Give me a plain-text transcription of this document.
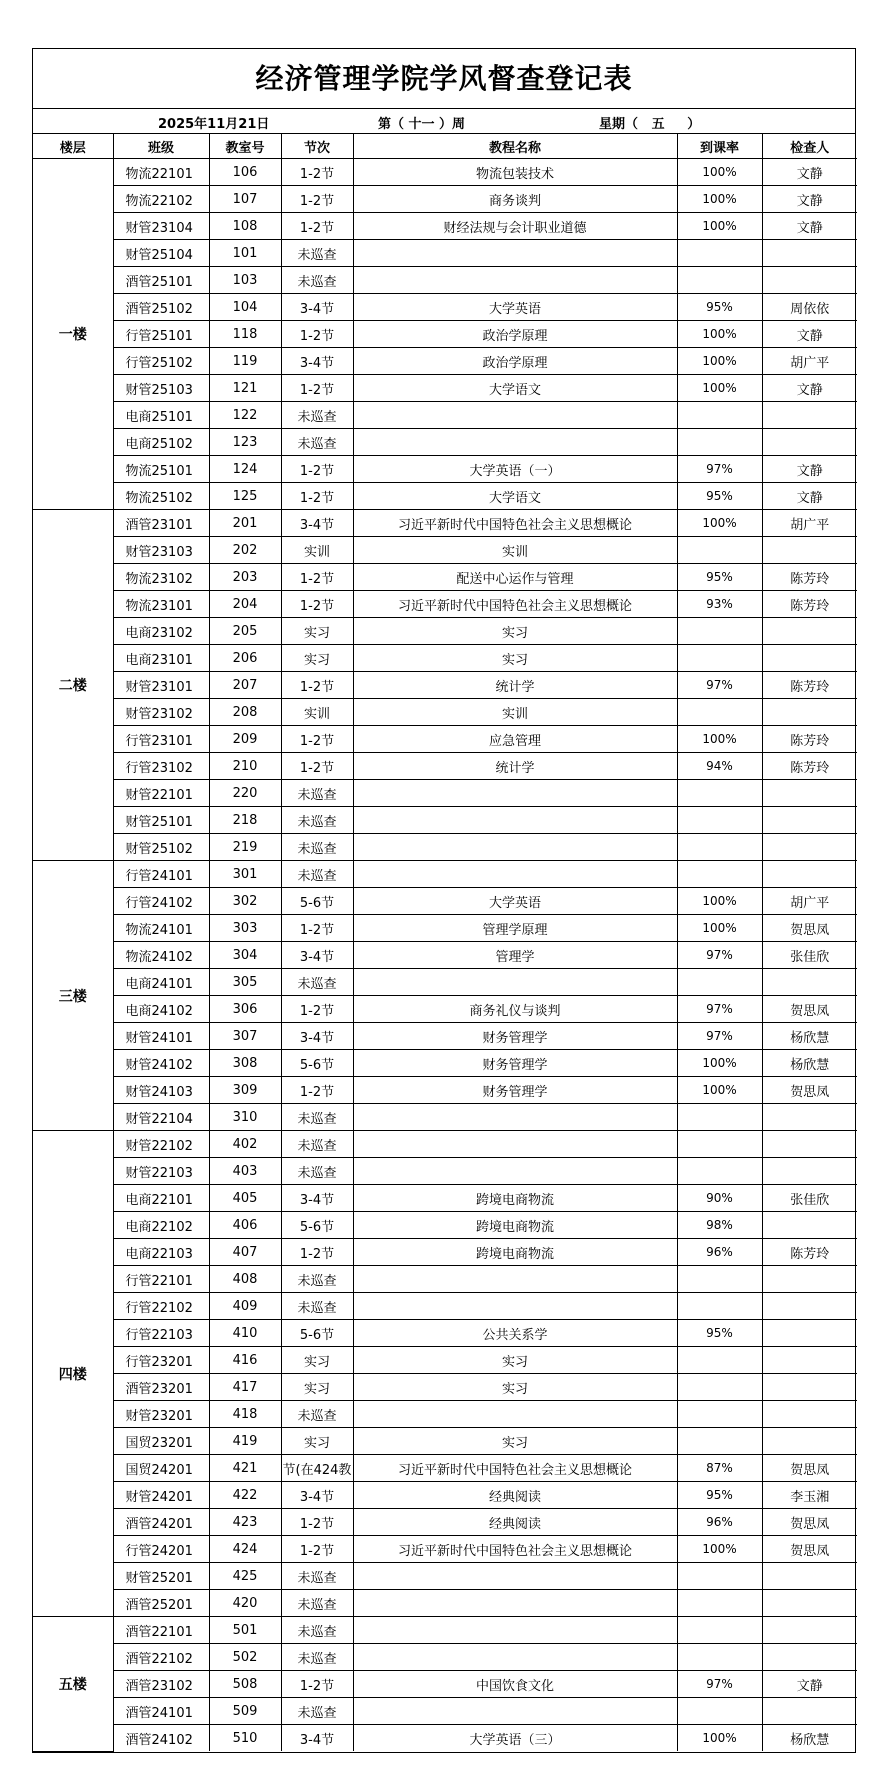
经济管理学院学风督查登记表
2025年11月21日	第（ 十一 ）周	星期（   五     ）
楼层	班级	教室号	节次	教程名称	到课率	检查人
一楼	物流22101	106	1-2节	物流包装技术	100%	文静
	物流22102	107	1-2节	商务谈判	100%	文静
	财管23104	108	1-2节	财经法规与会计职业道德	100%	文静
	财管25104	101	未巡查			
	酒管25101	103	未巡查			
	酒管25102	104	3-4节	大学英语	95%	周依依
	行管25101	118	1-2节	政治学原理	100%	文静
	行管25102	119	3-4节	政治学原理	100%	胡广平
	财管25103	121	1-2节	大学语文	100%	文静
	电商25101	122	未巡查			
	电商25102	123	未巡查			
	物流25101	124	1-2节	大学英语（一）	97%	文静
	物流25102	125	1-2节	大学语文	95%	文静
二楼	酒管23101	201	3-4节	习近平新时代中国特色社会主义思想概论	100%	胡广平
	财管23103	202	实训	实训		
	物流23102	203	1-2节	配送中心运作与管理	95%	陈芳玲
	物流23101	204	1-2节	习近平新时代中国特色社会主义思想概论	93%	陈芳玲
	电商23102	205	实习	实习		
	电商23101	206	实习	实习		
	财管23101	207	1-2节	统计学	97%	陈芳玲
	财管23102	208	实训	实训		
	行管23101	209	1-2节	应急管理	100%	陈芳玲
	行管23102	210	1-2节	统计学	94%	陈芳玲
	财管22101	220	未巡查			
	财管25101	218	未巡查			
	财管25102	219	未巡查			
三楼	行管24101	301	未巡查			
	行管24102	302	5-6节	大学英语	100%	胡广平
	物流24101	303	1-2节	管理学原理	100%	贺思凤
	物流24102	304	3-4节	管理学	97%	张佳欣
	电商24101	305	未巡查			
	电商24102	306	1-2节	商务礼仪与谈判	97%	贺思凤
	财管24101	307	3-4节	财务管理学	97%	杨欣慧
	财管24102	308	5-6节	财务管理学	100%	杨欣慧
	财管24103	309	1-2节	财务管理学	100%	贺思凤
	财管22104	310	未巡查			
四楼	财管22102	402	未巡查			
	财管22103	403	未巡查			
	电商22101	405	3-4节	跨境电商物流	90%	张佳欣
	电商22102	406	5-6节	跨境电商物流	98%	
	电商22103	407	1-2节	跨境电商物流	96%	陈芳玲
	行管22101	408	未巡查			
	行管22102	409	未巡查			
	行管22103	410	5-6节	公共关系学	95%	
	行管23201	416	实习	实习		
	酒管23201	417	实习	实习		
	财管23201	418	未巡查			
	国贸23201	419	实习	实习		
	国贸24201	421	节(在424教	习近平新时代中国特色社会主义思想概论	87%	贺思凤
	财管24201	422	3-4节	经典阅读	95%	李玉湘
	酒管24201	423	1-2节	经典阅读	96%	贺思凤
	行管24201	424	1-2节	习近平新时代中国特色社会主义思想概论	100%	贺思凤
	财管25201	425	未巡查			
	酒管25201	420	未巡查			
五楼	酒管22101	501	未巡查			
	酒管22102	502	未巡查			
	酒管23102	508	1-2节	中国饮食文化	97%	文静
	酒管24101	509	未巡查			
	酒管24102	510	3-4节	大学英语（三）	100%	杨欣慧
